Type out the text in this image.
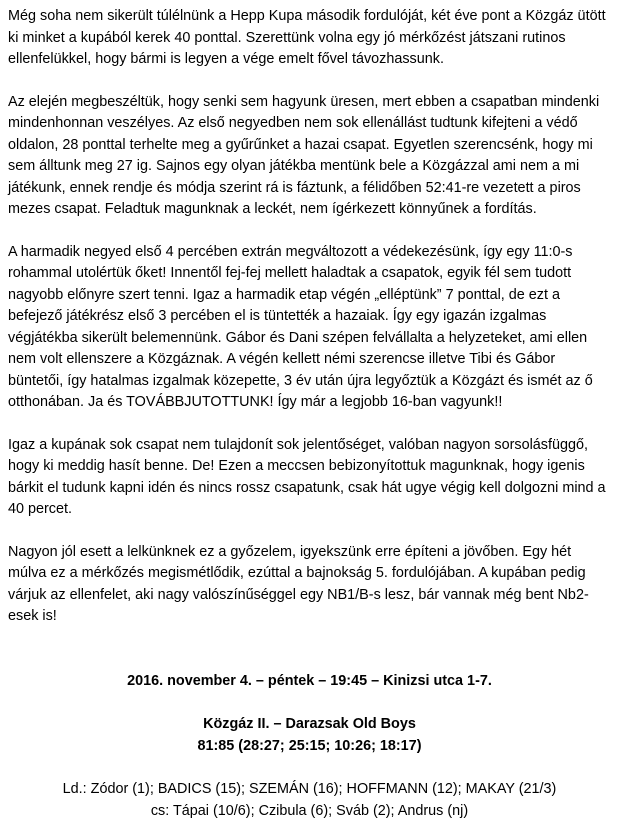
Még soha nem sikerült túlélnünk a Hepp Kupa második fordulóját, két éve pont a Közgáz ütött ki minket a kupából kerek 40 ponttal. Szerettünk volna egy jó mérkőzést játszani rutinos ellenfelükkel, hogy bármi is legyen a vége emelt fővel távozhassunk.

Az elején megbeszéltük, hogy senki sem hagyunk üresen, mert ebben a csapatban mindenki mindenhonnan veszélyes. Az első negyedben nem sok ellenállást tudtunk kifejteni a védő oldalon, 28 ponttal terhelte meg a gyűrűnket a hazai csapat. Egyetlen szerencsénk, hogy mi sem álltunk meg 27 ig. Sajnos egy olyan játékba mentünk bele a Közgázzal ami nem a mi játékunk, ennek rendje és módja szerint rá is fáztunk, a félidőben 52:41-re vezetett a piros mezes csapat. Feladtuk magunknak a leckét, nem ígérkezett könnyűnek a fordítás.

A harmadik negyed első 4 percében extrán megváltozott a védekezésünk, így egy 11:0-s rohammal utolértük őket! Innentől fej-fej mellett haladtak a csapatok, egyik fél sem tudott nagyobb előnyre szert tenni. Igaz a harmadik etap végén „elléptünk” 7 ponttal, de ezt a befejező játékrész első 3 percében el is tüntették a hazaiak. Így egy igazán izgalmas végjátékba sikerült belemennünk. Gábor és Dani szépen felvállalta a helyzeteket, ami ellen nem volt ellenszere a Közgáznak. A végén kellett némi szerencse illetve Tibi és Gábor büntetői, így hatalmas izgalmak közepette, 3 év után újra legyőztük a Közgázt és ismét az ő otthonában. Ja és TOVÁBBJUTOTTUNK! Így már a legjobb 16-ban vagyunk!!

Igaz a kupának sok csapat nem tulajdonít sok jelentőséget, valóban nagyon sorsolásfüggő, hogy ki meddig hasít benne. De! Ezen a meccsen bebizonyítottuk magunknak, hogy igenis bárkit el tudunk kapni idén és nincs rossz csapatunk, csak hát ugye végig kell dolgozni mind a 40 percet.

Nagyon jól esett a lelkünknek ez a győzelem, igyekszünk erre építeni a jövőben. Egy hét múlva ez a mérkőzés megismétlődik, ezúttal a bajnokság 5. fordulójában. A kupában pedig várjuk az ellenfelet, aki nagy valószínűséggel egy NB1/B-s lesz, bár vannak még bent Nb2-esek is!

2016. november 4. – péntek – 19:45 – Kinizsi utca 1-7.

Közgáz II. – Darazsak Old Boys

81:85 (28:27; 25:15; 10:26; 18:17)

Ld.: Zódor (1); BADICS (15); SZEMÁN (16); HOFFMANN (12); MAKAY (21/3)

cs: Tápai (10/6); Czibula (6); Sváb (2); Andrus (nj)
